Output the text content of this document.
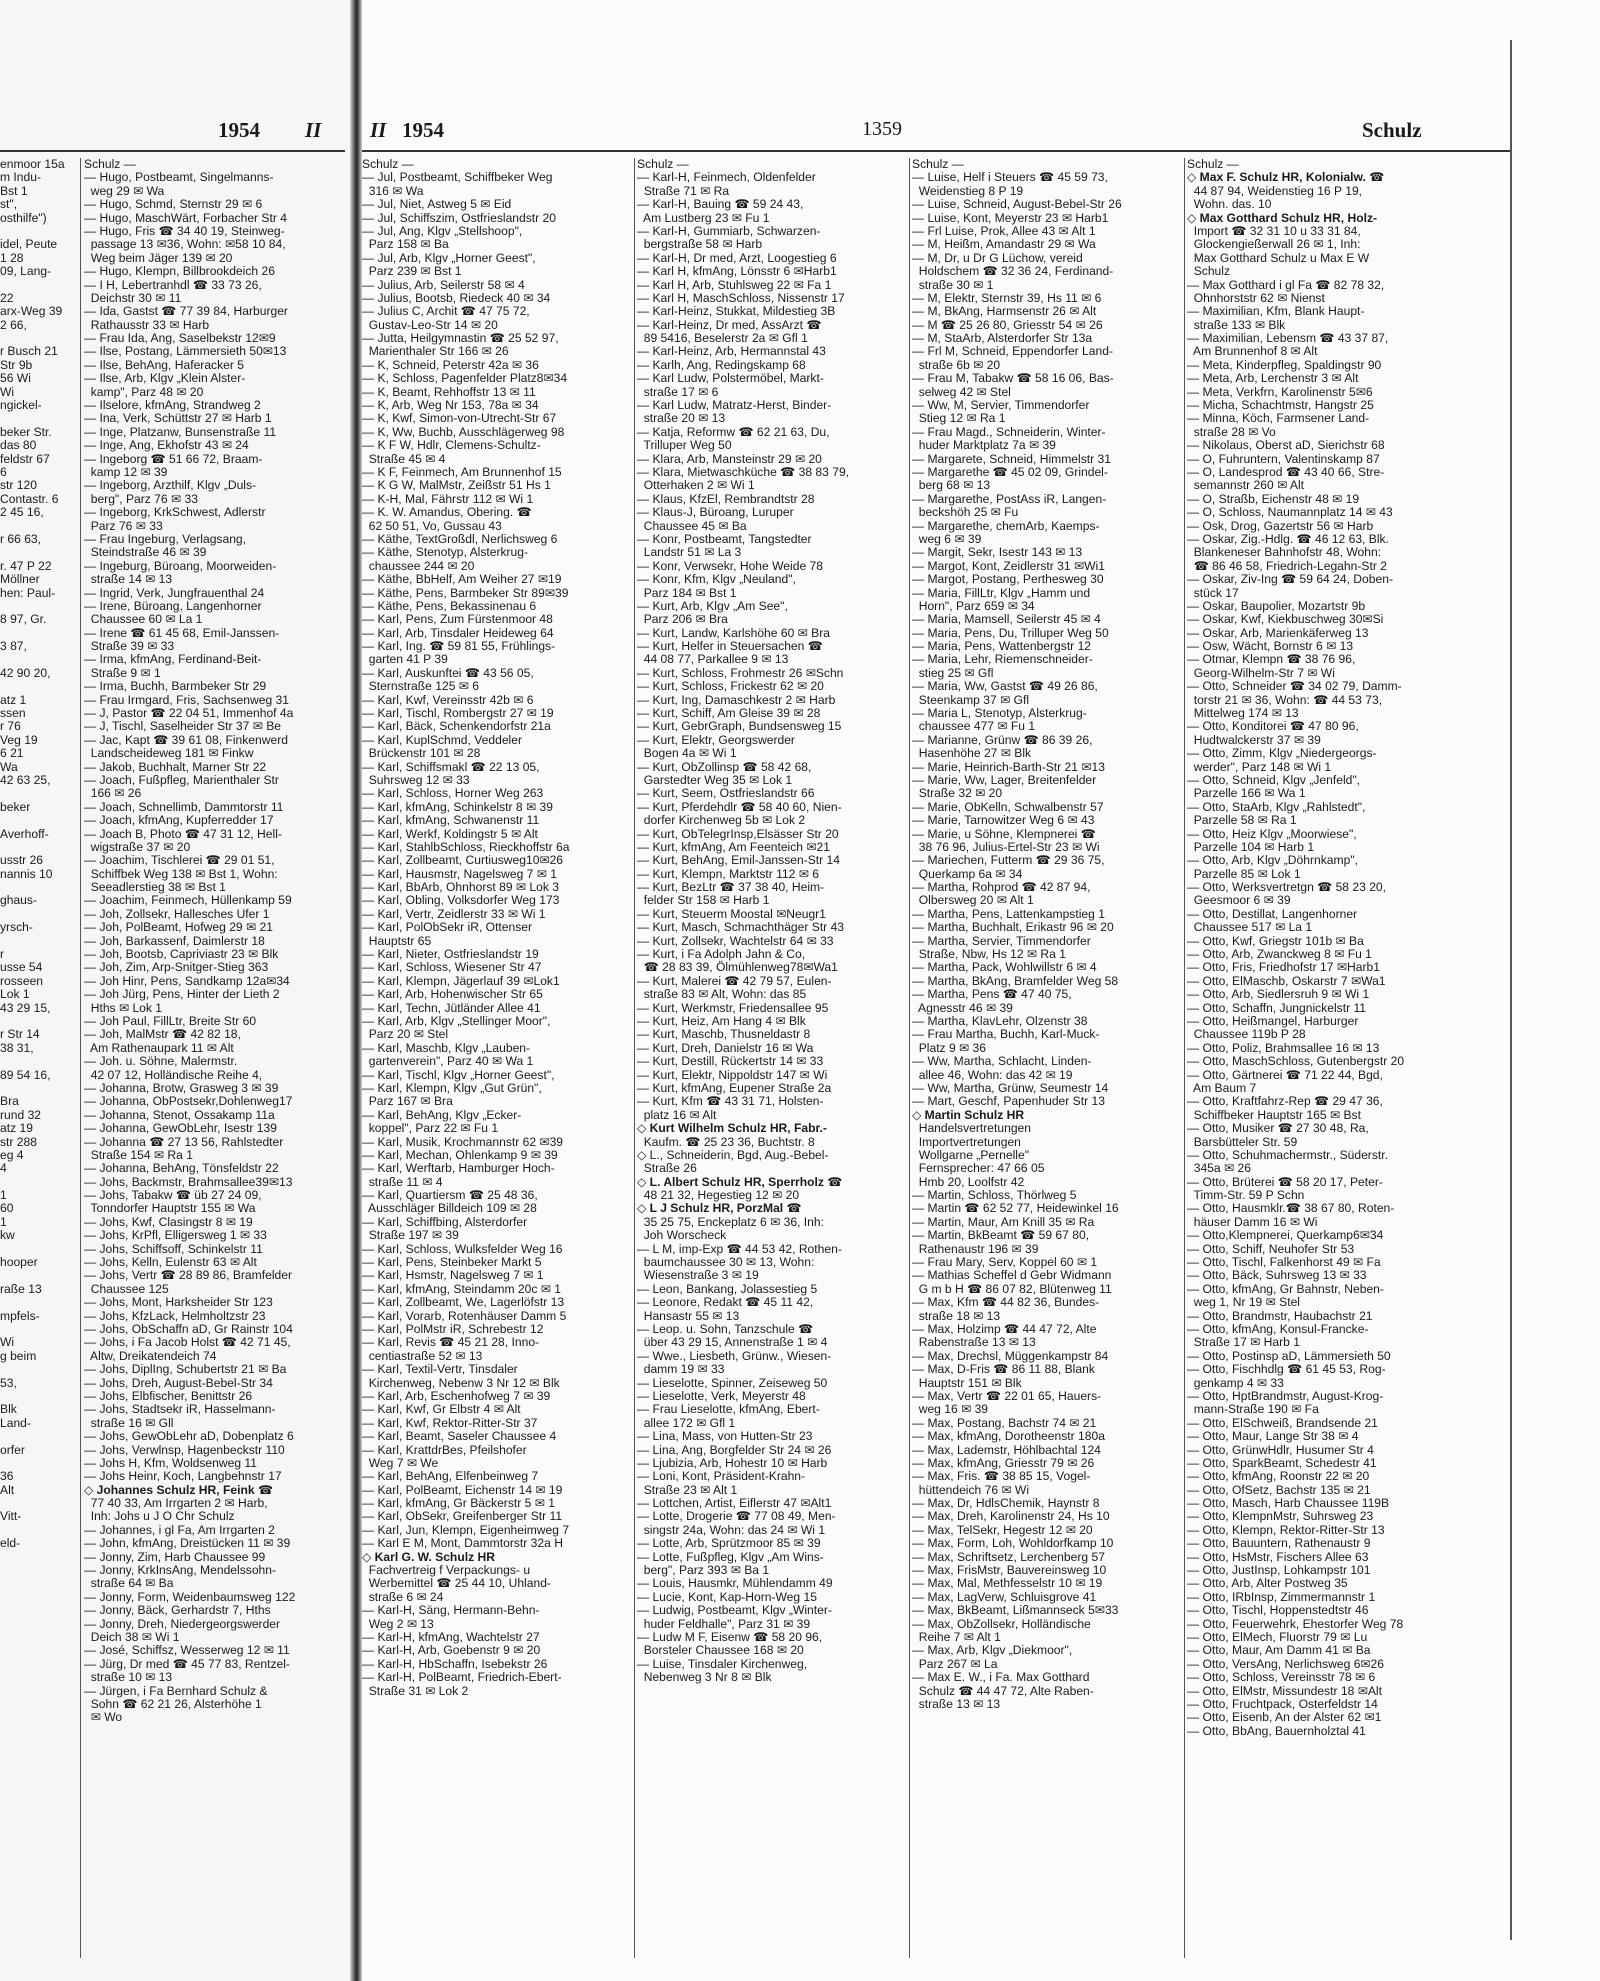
1954 II
enmoor 15a
m Indu-
Bst 1
st",
osthilfe")
idel, Peute
1 28
09, Lang-
22
arx-Weg 39
2 66,
r Busch 21
Str 9b
56 Wi
Wi
ngickel-
beker Str.
das 80
feldstr 67
6
str 120
Contastr. 6
2 45 16,
r 66 63,
r. 47 P 22
Möllner
hen: Paul-
8 97, Gr.
3 87,
42 90 20,
atz 1
ssen
r 76
Veg 19
6 21
Wa
42 63 25,
beker
Averhoff-
usstr 26
nannis 10
ghaus-
yrsch-
r
usse 54
rosseen
Lok 1
43 29 15,
r Str 14
38 31,
89 54 16,
Bra
rund 32
atz 19
str 288
eg 4
4
1
60
1
kw
hooper
raße 13
mpfels-
Wi
g beim
53,
Blk
Land-
orfer
36
Alt
Vitt-
eld-
Schulz —
— Hugo, Postbeamt, Singelmanns-
weg 29 ✉ Wa
— Hugo, Schmd, Sternstr 29 ✉ 6
— Hugo, MaschWärt, Forbacher Str 4
— Hugo, Fris ☎ 34 40 19, Steinweg-
passage 13 ✉36, Wohn: ✉58 10 84,
Weg beim Jäger 139 ✉ 20
— Hugo, Klempn, Billbrookdeich 26
— I H, Lebertranhdl ☎ 33 73 26,
Deichstr 30 ✉ 11
— Ida, Gastst ☎ 77 39 84, Harburger
Rathausstr 33 ✉ Harb
— Frau Ida, Ang, Saselbekstr 12✉9
— Ilse, Postang, Lämmersieth 50✉13
— Ilse, BehAng, Haferacker 5
— Ilse, Arb, Klgv „Klein Alster-
kamp", Parz 48 ✉ 20
— Ilselore, kfmAng, Strandweg 2
— Ina, Verk, Schüttstr 27 ✉ Harb 1
— Inge, Platzanw, Bunsenstraße 11
— Inge, Ang, Ekhofstr 43 ✉ 24
— Ingeborg ☎ 51 66 72, Braam-
kamp 12 ✉ 39
— Ingeborg, Arzthilf, Klgv „Duls-
berg", Parz 76 ✉ 33
— Ingeborg, KrkSchwest, Adlerstr
Parz 76 ✉ 33
— Frau Ingeburg, Verlagsang,
Steindstraße 46 ✉ 39
— Ingeburg, Büroang, Moorweiden-
straße 14 ✉ 13
— Ingrid, Verk, Jungfrauenthal 24
— Irene, Büroang, Langenhorner
Chaussee 60 ✉ La 1
— Irene ☎ 61 45 68, Emil-Janssen-
Straße 39 ✉ 33
— Irma, kfmAng, Ferdinand-Beit-
Straße 9 ✉ 1
— Irma, Buchh, Barmbeker Str 29
— Frau Irmgard, Fris, Sachsenweg 31
— J, Pastor ☎ 22 04 51, Immenhof 4a
— J, Tischl, Saselheider Str 37 ✉ Be
— Jac, Kapt ☎ 39 61 08, Finkenwerd
Landscheideweg 181 ✉ Finkw
— Jakob, Buchhalt, Marner Str 22
— Joach, Fußpfleg, Marienthaler Str
166 ✉ 26
— Joach, Schnellimb, Dammtorstr 11
— Joach, kfmAng, Kupferredder 17
— Joach B, Photo ☎ 47 31 12, Hell-
wigstraße 37 ✉ 20
— Joachim, Tischlerei ☎ 29 01 51,
Schiffbek Weg 138 ✉ Bst 1, Wohn:
Seeadlerstieg 38 ✉ Bst 1
— Joachim, Feinmech, Hüllenkamp 59
— Joh, Zollsekr, Hallesches Ufer 1
— Joh, PolBeamt, Hofweg 29 ✉ 21
— Joh, Barkassenf, Daimlerstr 18
— Joh, Bootsb, Capriviastr 23 ✉ Blk
— Joh, Zim, Arp-Snitger-Stieg 363
— Joh Hinr, Pens, Sandkamp 12a✉34
— Joh Jürg, Pens, Hinter der Lieth 2
Hths ✉ Lok 1
— Joh Paul, FillLtr, Breite Str 60
— Joh, MalMstr ☎ 42 82 18,
Am Rathenaupark 11 ✉ Alt
— Joh. u. Söhne, Malermstr.
42 07 12, Holländische Reihe 4,
— Johanna, Brotw, Grasweg 3 ✉ 39
— Johanna, ObPostsekr,Dohlenweg17
— Johanna, Stenot, Ossakamp 11a
— Johanna, GewObLehr, Isestr 139
— Johanna ☎ 27 13 56, Rahlstedter
Straße 154 ✉ Ra 1
— Johanna, BehAng, Tönsfeldstr 22
— Johs, Backmstr, Brahmsallee39✉13
— Johs, Tabakw ☎ üb 27 24 09,
Tonndorfer Hauptstr 155 ✉ Wa
— Johs, Kwf, Clasingstr 8 ✉ 19
— Johs, KrPfl, Elligersweg 1 ✉ 33
— Johs, Schiffsoff, Schinkelstr 11
— Johs, Kelln, Eulenstr 63 ✉ Alt
— Johs, Vertr ☎ 28 89 86, Bramfelder
Chaussee 125
— Johs, Mont, Harksheider Str 123
— Johs, KfzLack, Helmholtzstr 23
— Johs, ObSchaffn aD, Gr Rainstr 104
— Johs, i Fa Jacob Holst ☎ 42 71 45,
Altw, Dreikatendeich 74
— Johs, DiplIng, Schubertstr 21 ✉ Ba
— Johs, Dreh, August-Bebel-Str 34
— Johs, Elbfischer, Benittstr 26
— Johs, Stadtsekr iR, Hasselmann-
straße 16 ✉ Gll
— Johs, GewObLehr aD, Dobenplatz 6
— Johs, Verwlnsp, Hagenbeckstr 110
— Johs H, Kfm, Woldsenweg 11
— Johs Heinr, Koch, Langbehnstr 17
◇ Johannes Schulz HR, Feink ☎
77 40 33, Am Irrgarten 2 ✉ Harb,
Inh: Johs u J O Chr Schulz
— Johannes, i gl Fa, Am Irrgarten 2
— John, kfmAng, Dreistücken 11 ✉ 39
— Jonny, Zim, Harb Chaussee 99
— Jonny, KrkInsAng, Mendelssohn-
straße 64 ✉ Ba
— Jonny, Form, Weidenbaumsweg 122
— Jonny, Bäck, Gerhardstr 7, Hths
— Jonny, Dreh, Niedergeorgswerder
Deich 38 ✉ Wi 1
— José, Schiffsz, Wesserweg 12 ✉ 11
— Jürg, Dr med ☎ 45 77 83, Rentzel-
straße 10 ✉ 13
— Jürgen, i Fa Bernhard Schulz &
Sohn ☎ 62 21 26, Alsterhöhe 1
✉ Wo
II 1954	1359	Schulz
Schulz —
— Jul, Postbeamt, Schiffbeker Weg
316 ✉ Wa
— Jul, Niet, Astweg 5 ✉ Eid
— Jul, Schiffszim, Ostfrieslandstr 20
— Jul, Ang, Klgv „Stellshoop",
Parz 158 ✉ Ba
— Jul, Arb, Klgv „Horner Geest",
Parz 239 ✉ Bst 1
— Julius, Arb, Seilerstr 58 ✉ 4
— Julius, Bootsb, Riedeck 40 ✉ 34
— Julius C, Archit ☎ 47 75 72,
Gustav-Leo-Str 14 ✉ 20
— Jutta, Heilgymnastin ☎ 25 52 97,
Marienthaler Str 166 ✉ 26
— K, Schneid, Peterstr 42a ✉ 36
— K, Schloss, Pagenfelder Platz8✉34
— K, Beamt, Rehhoffstr 13 ✉ 11
— K, Arb, Weg Nr 153, 78a ✉ 34
— K, Kwf, Simon-von-Utrecht-Str 67
— K, Ww, Buchb, Ausschlägerweg 98
— K F W, Hdlr, Clemens-Schultz-
Straße 45 ✉ 4
— K F, Feinmech, Am Brunnenhof 15
— K G W, MalMstr, Zeißstr 51 Hs 1
— K-H, Mal, Fährstr 112 ✉ Wi 1
— K. W. Amandus, Obering. ☎
62 50 51, Vo, Gussau 43
— Käthe, TextGroßdl, Nerlichsweg 6
— Käthe, Stenotyp, Alsterkrug-
chaussee 244 ✉ 20
— Käthe, BbHelf, Am Weiher 27 ✉19
— Käthe, Pens, Barmbeker Str 89✉39
— Käthe, Pens, Bekassinenau 6
— Karl, Pens, Zum Fürstenmoor 48
— Karl, Arb, Tinsdaler Heideweg 64
— Karl, Ing. ☎ 59 81 55, Frühlings-
garten 41 P 39
— Karl, Auskunftei ☎ 43 56 05,
Sternstraße 125 ✉ 6
— Karl, Kwf, Vereinsstr 42b ✉ 6
— Karl, Tischl, Rombergstr 27 ✉ 19
— Karl, Bäck, Schenkendorfstr 21a
— Karl, KuplSchmd, Veddeler
Brückenstr 101 ✉ 28
— Karl, Schiffsmakl ☎ 22 13 05,
Suhrsweg 12 ✉ 33
— Karl, Schloss, Horner Weg 263
— Karl, kfmAng, Schinkelstr 8 ✉ 39
— Karl, kfmAng, Schwanenstr 11
— Karl, Werkf, Koldingstr 5 ✉ Alt
— Karl, StahlbSchloss, Rieckhoffstr 6a
— Karl, Zollbeamt, Curtiusweg10✉26
— Karl, Hausmstr, Nagelsweg 7 ✉ 1
— Karl, BbArb, Ohnhorst 89 ✉ Lok 3
— Karl, Obling, Volksdorfer Weg 173
— Karl, Vertr, Zeidlerstr 33 ✉ Wi 1
— Karl, PolObSekr iR, Ottenser
Hauptstr 65
— Karl, Nieter, Ostfrieslandstr 19
— Karl, Schloss, Wiesener Str 47
— Karl, Klempn, Jägerlauf 39 ✉Lok1
— Karl, Arb, Hohenwischer Str 65
— Karl, Techn, Jütländer Allee 41
— Karl, Arb, Klgv „Stellinger Moor",
Parz 20 ✉ Stel
— Karl, Maschb, Klgv „Lauben-
gartenverein", Parz 40 ✉ Wa 1
— Karl, Tischl, Klgv „Horner Geest",
— Karl, Klempn, Klgv „Gut Grün",
Parz 167 ✉ Bra
— Karl, BehAng, Klgv „Ecker-
koppel", Parz 22 ✉ Fu 1
— Karl, Musik, Krochmannstr 62 ✉39
— Karl, Mechan, Ohlenkamp 9 ✉ 39
— Karl, Werftarb, Hamburger Hoch-
straße 11 ✉ 4
— Karl, Quartiersm ☎ 25 48 36,
Ausschläger Billdeich 109 ✉ 28
— Karl, Schiffbing, Alsterdorfer
Straße 197 ✉ 39
— Karl, Schloss, Wulksfelder Weg 16
— Karl, Pens, Steinbeker Markt 5
— Karl, Hsmstr, Nagelsweg 7 ✉ 1
— Karl, kfmAng, Steindamm 20c ✉ 1
— Karl, Zollbeamt, We, Lagerlöfstr 13
— Karl, Vorarb, Rotenhäuser Damm 5
— Karl, PolMstr iR, Schrebestr 12
— Karl, Revis ☎ 45 21 28, Inno-
centiastraße 52 ✉ 13
— Karl, Textil-Vertr, Tinsdaler
Kirchenweg, Nebenw 3 Nr 12 ✉ Blk
— Karl, Arb, Eschenhofweg 7 ✉ 39
— Karl, Kwf, Gr Elbstr 4 ✉ Alt
— Karl, Kwf, Rektor-Ritter-Str 37
— Karl, Beamt, Saseler Chaussee 4
— Karl, KrattdrBes, Pfeilshofer
Weg 7 ✉ We
— Karl, BehAng, Elfenbeinweg 7
— Karl, PolBeamt, Eichenstr 14 ✉ 19
— Karl, kfmAng, Gr Bäckerstr 5 ✉ 1
— Karl, ObSekr, Greifenberger Str 11
— Karl, Jun, Klempn, Eigenheimweg 7
— Karl E M, Mont, Dammtorstr 32a H
◇ Karl G. W. Schulz HR
Fachvertreig f Verpackungs- u
Werbemittel ☎ 25 44 10, Uhland-
straße 6 ✉ 24
— Karl-H, Säng, Hermann-Behn-
Weg 2 ✉ 13
— Karl-H, kfmAng, Wachtelstr 27
— Karl-H, Arb, Goebenstr 9 ✉ 20
— Karl-H, HbSchaffn, Isebekstr 26
— Karl-H, PolBeamt, Friedrich-Ebert-
Straße 31 ✉ Lok 2
Schulz —
— Karl-H, Feinmech, Oldenfelder
Straße 71 ✉ Ra
— Karl-H, Bauing ☎ 59 24 43,
Am Lustberg 23 ✉ Fu 1
— Karl-H, Gummiarb, Schwarzen-
bergstraße 58 ✉ Harb
— Karl-H, Dr med, Arzt, Loogestieg 6
— Karl H, kfmAng, Lönsstr 6 ✉Harb1
— Karl H, Arb, Stuhlsweg 22 ✉ Fa 1
— Karl H, MaschSchloss, Nissenstr 17
— Karl-Heinz, Stukkat, Mildestieg 3B
— Karl-Heinz, Dr med, AssArzt ☎
89 5416, Beselerstr 2a ✉ Gfl 1
— Karl-Heinz, Arb, Hermannstal 43
— Karlh, Ang, Redingskamp 68
— Karl Ludw, Polstermöbel, Markt-
straße 17 ✉ 6
— Karl Ludw, Matratz-Herst, Binder-
straße 20 ✉ 13
— Katja, Reformw ☎ 62 21 63, Du,
Trilluper Weg 50
— Klara, Arb, Mansteinstr 29 ✉ 20
— Klara, Mietwaschküche ☎ 38 83 79,
Otterhaken 2 ✉ Wi 1
— Klaus, KfzEl, Rembrandtstr 28
— Klaus-J, Büroang, Luruper
Chaussee 45 ✉ Ba
— Konr, Postbeamt, Tangstedter
Landstr 51 ✉ La 3
— Konr, Verwsekr, Hohe Weide 78
— Konr, Kfm, Klgv „Neuland",
Parz 184 ✉ Bst 1
— Kurt, Arb, Klgv „Am See",
Parz 206 ✉ Bra
— Kurt, Landw, Karlshöhe 60 ✉ Bra
— Kurt, Helfer in Steuersachen ☎
44 08 77, Parkallee 9 ✉ 13
— Kurt, Schloss, Frohmestr 26 ✉Schn
— Kurt, Schloss, Frickestr 62 ✉ 20
— Kurt, Ing, Damaschkestr 2 ✉ Harb
— Kurt, Schiff, Am Gleise 39 ✉ 28
— Kurt, GebrGraph, Bundsensweg 15
— Kurt, Elektr, Georgswerder
Bogen 4a ✉ Wi 1
— Kurt, ObZollinsp ☎ 58 42 68,
Garstedter Weg 35 ✉ Lok 1
— Kurt, Seem, Ostfrieslandstr 66
— Kurt, Pferdehdlr ☎ 58 40 60, Nien-
dorfer Kirchenweg 5b ✉ Lok 2
— Kurt, ObTelegrInsp,Elsässer Str 20
— Kurt, kfmAng, Am Feenteich ✉21
— Kurt, BehAng, Emil-Janssen-Str 14
— Kurt, Klempn, Marktstr 112 ✉ 6
— Kurt, BezLtr ☎ 37 38 40, Heim-
felder Str 158 ✉ Harb 1
— Kurt, Steuerm Moostal ✉Neugr1
— Kurt, Masch, Schmachthäger Str 43
— Kurt, Zollsekr, Wachtelstr 64 ✉ 33
— Kurt, i Fa Adolph Jahn & Co,
☎ 28 83 39, Ölmühlenweg78✉Wa1
— Kurt, Malerei ☎ 42 79 57, Eulen-
straße 83 ✉ Alt, Wohn: das 85
— Kurt, Werkmstr, Friedensallee 95
— Kurt, Heiz, Am Hang 4 ✉ Blk
— Kurt, Maschb, Thusneldastr 8
— Kurt, Dreh, Danielstr 16 ✉ Wa
— Kurt, Destill, Rückertstr 14 ✉ 33
— Kurt, Elektr, Nippoldstr 147 ✉ Wi
— Kurt, kfmAng, Eupener Straße 2a
— Kurt, Kfm ☎ 43 31 71, Holsten-
platz 16 ✉ Alt
◇ Kurt Wilhelm Schulz HR, Fabr.-
Kaufm. ☎ 25 23 36, Buchtstr. 8
◇ L., Schneiderin, Bgd, Aug.-Bebel-
Straße 26
◇ L. Albert Schulz HR, Sperrholz ☎
48 21 32, Hegestieg 12 ✉ 20
◇ L J Schulz HR, PorzMal ☎
35 25 75, Enckeplatz 6 ✉ 36, Inh:
Joh Worscheck
— L M, imp-Exp ☎ 44 53 42, Rothen-
baumchaussee 30 ✉ 13, Wohn:
Wiesenstraße 3 ✉ 19
— Leon, Bankang, Jolassestieg 5
— Leonore, Redakt ☎ 45 11 42,
Hansastr 55 ✉ 13
— Leop. u. Sohn, Tanzschule ☎
über 43 29 15, Annenstraße 1 ✉ 4
— Wwe., Liesbeth, Grünw., Wiesen-
damm 19 ✉ 33
— Lieselotte, Spinner, Zeiseweg 50
— Lieselotte, Verk, Meyerstr 48
— Frau Lieselotte, kfmAng, Ebert-
allee 172 ✉ Gfl 1
— Lina, Mass, von Hutten-Str 23
— Lina, Ang, Borgfelder Str 24 ✉ 26
— Ljubizia, Arb, Hohestr 10 ✉ Harb
— Loni, Kont, Präsident-Krahn-
Straße 23 ✉ Alt 1
— Lottchen, Artist, Eiflerstr 47 ✉Alt1
— Lotte, Drogerie ☎ 77 08 49, Men-
singstr 24a, Wohn: das 24 ✉ Wi 1
— Lotte, Arb, Sprützmoor 85 ✉ 39
— Lotte, Fußpfleg, Klgv „Am Wins-
berg", Parz 393 ✉ Ba 1
— Louis, Hausmkr, Mühlendamm 49
— Lucie, Kont, Kap-Horn-Weg 15
— Ludwig, Postbeamt, Klgv „Winter-
huder Feldhalle", Parz 31 ✉ 39
— Ludw M F, Eisenw ☎ 58 20 96,
Borsteler Chaussee 168 ✉ 20
— Luise, Tinsdaler Kirchenweg,
Nebenweg 3 Nr 8 ✉ Blk
Schulz —
— Luise, Helf i Steuers ☎ 45 59 73,
Weidenstieg 8 P 19
— Luise, Schneid, August-Bebel-Str 26
— Luise, Kont, Meyerstr 23 ✉ Harb1
— Frl Luise, Prok, Allee 43 ✉ Alt 1
— M, Heißm, Amandastr 29 ✉ Wa
— M, Dr, u Dr G Lüchow, vereid
Holdschem ☎ 32 36 24, Ferdinand-
straße 30 ✉ 1
— M, Elektr, Sternstr 39, Hs 11 ✉ 6
— M, BkAng, Harmsenstr 26 ✉ Alt
— M ☎ 25 26 80, Griesstr 54 ✉ 26
— M, StaArb, Alsterdorfer Str 13a
— Frl M, Schneid, Eppendorfer Land-
straße 6b ✉ 20
— Frau M, Tabakw ☎ 58 16 06, Bas-
selweg 42 ✉ Stel
— Ww, M, Servier, Timmendorfer
Stieg 12 ✉ Ra 1
— Frau Magd., Schneiderin, Winter-
huder Marktplatz 7a ✉ 39
— Margarete, Schneid, Himmelstr 31
— Margarethe ☎ 45 02 09, Grindel-
berg 68 ✉ 13
— Margarethe, PostAss iR, Langen-
beckshöh 25 ✉ Fu
— Margarethe, chemArb, Kaemps-
weg 6 ✉ 39
— Margit, Sekr, Isestr 143 ✉ 13
— Margot, Kont, Zeidlerstr 31 ✉Wi1
— Margot, Postang, Perthesweg 30
— Maria, FillLtr, Klgv „Hamm und
Horn", Parz 659 ✉ 34
— Maria, Mamsell, Seilerstr 45 ✉ 4
— Maria, Pens, Du, Trilluper Weg 50
— Maria, Pens, Wattenbergstr 12
— Maria, Lehr, Riemenschneider-
stieg 25 ✉ Gfl
— Maria, Ww, Gastst ☎ 49 26 86,
Steenkamp 37 ✉ Gfl
— Maria L, Stenotyp, Alsterkrug-
chaussee 477 ✉ Fu 1
— Marianne, Grünw ☎ 86 39 26,
Hasenhöhe 27 ✉ Blk
— Marie, Heinrich-Barth-Str 21 ✉13
— Marie, Ww, Lager, Breitenfelder
Straße 32 ✉ 20
— Marie, ObKelln, Schwalbenstr 57
— Marie, Tarnowitzer Weg 6 ✉ 43
— Marie, u Söhne, Klempnerei ☎
38 76 96, Julius-Ertel-Str 23 ✉ Wi
— Mariechen, Futterm ☎ 29 36 75,
Querkamp 6a ✉ 34
— Martha, Rohprod ☎ 42 87 94,
Olbersweg 20 ✉ Alt 1
— Martha, Pens, Lattenkampstieg 1
— Martha, Buchhalt, Erikastr 96 ✉ 20
— Martha, Servier, Timmendorfer
Straße, Nbw, Hs 12 ✉ Ra 1
— Martha, Pack, Wohlwillstr 6 ✉ 4
— Martha, BkAng, Bramfelder Weg 58
— Martha, Pens ☎ 47 40 75,
Agnesstr 46 ✉ 39
— Martha, KlavLehr, Olzenstr 38
— Frau Martha, Buchh, Karl-Muck-
Platz 9 ✉ 36
— Ww, Martha, Schlacht, Linden-
allee 46, Wohn: das 42 ✉ 19
— Ww, Martha, Grünw, Seumestr 14
— Mart, Geschf, Papenhuder Str 13
◇ Martin Schulz HR
Handelsvertretungen
Importvertretungen
Wollgarne „Pernelle"
Fernsprecher: 47 66 05
Hmb 20, Loolfstr 42
— Martin, Schloss, Thörlweg 5
— Martin ☎ 62 52 77, Heidewinkel 16
— Martin, Maur, Am Knill 35 ✉ Ra
— Martin, BkBeamt ☎ 59 67 80,
Rathenaustr 196 ✉ 39
— Frau Mary, Serv, Koppel 60 ✉ 1
— Mathias Scheffel d Gebr Widmann
G m b H ☎ 86 07 82, Blütenweg 11
— Max, Kfm ☎ 44 82 36, Bundes-
straße 18 ✉ 13
— Max, Holzimp ☎ 44 47 72, Alte
Rabenstraße 13 ✉ 13
— Max, Drechsl, Müggenkampstr 84
— Max, D-Fris ☎ 86 11 88, Blank
Hauptstr 151 ✉ Blk
— Max, Vertr ☎ 22 01 65, Hauers-
weg 16 ✉ 39
— Max, Postang, Bachstr 74 ✉ 21
— Max, kfmAng, Dorotheenstr 180a
— Max, Lademstr, Höhlbachtal 124
— Max, kfmAng, Griesstr 79 ✉ 26
— Max, Fris. ☎ 38 85 15, Vogel-
hüttendeich 76 ✉ Wi
— Max, Dr, HdlsChemik, Haynstr 8
— Max, Dreh, Karolinenstr 24, Hs 10
— Max, TelSekr, Hegestr 12 ✉ 20
— Max, Form, Loh, Wohldorfkamp 10
— Max, Schriftsetz, Lerchenberg 57
— Max, FrisMstr, Bauvereinsweg 10
— Max, Mal, Methfesselstr 10 ✉ 19
— Max, LagVerw, Schluisgrove 41
— Max, BkBeamt, Lißmannseck 5✉33
— Max, ObZollsekr, Holländische
Reihe 7 ✉ Alt 1
— Max, Arb, Klgv „Diekmoor",
Parz 267 ✉ La
— Max E. W., i Fa. Max Gotthard
Schulz ☎ 44 47 72, Alte Raben-
straße 13 ✉ 13
Schulz —
◇ Max F. Schulz HR, Kolonialw. ☎
44 87 94, Weidenstieg 16 P 19,
Wohn. das. 10
◇ Max Gotthard Schulz HR, Holz-
Import ☎ 32 31 10 u 33 31 84,
Glockengießerwall 26 ✉ 1, Inh:
Max Gotthard Schulz u Max E W
Schulz
— Max Gotthard i gl Fa ☎ 82 78 32,
Ohnhorststr 62 ✉ Nienst
— Maximilian, Kfm, Blank Haupt-
straße 133 ✉ Blk
— Maximilian, Lebensm ☎ 43 37 87,
Am Brunnenhof 8 ✉ Alt
— Meta, Kinderpfleg, Spaldingstr 90
— Meta, Arb, Lerchenstr 3 ✉ Alt
— Meta, Verkfrn, Karolinenstr 5✉6
— Micha, Schachtmstr, Hangstr 25
— Minna, Köch, Farmsener Land-
straße 28 ✉ Vo
— Nikolaus, Oberst aD, Sierichstr 68
— O, Fuhruntern, Valentinskamp 87
— O, Landesprod ☎ 43 40 66, Stre-
semannstr 260 ✉ Alt
— O, Straßb, Eichenstr 48 ✉ 19
— O, Schloss, Naumannplatz 14 ✉ 43
— Osk, Drog, Gazertstr 56 ✉ Harb
— Oskar, Zig.-Hdlg. ☎ 46 12 63, Blk.
Blankeneser Bahnhofstr 48, Wohn:
☎ 86 46 58, Friedrich-Legahn-Str 2
— Oskar, Ziv-Ing ☎ 59 64 24, Doben-
stück 17
— Oskar, Baupolier, Mozartstr 9b
— Oskar, Kwf, Kiekbuschweg 30✉Si
— Oskar, Arb, Marienkäferweg 13
— Osw, Wächt, Bornstr 6 ✉ 13
— Otmar, Klempn ☎ 38 76 96,
Georg-Wilhelm-Str 7 ✉ Wi
— Otto, Schneider ☎ 34 02 79, Damm-
torstr 21 ✉ 36, Wohn: ☎ 44 53 73,
Mittelweg 174 ✉ 13
— Otto, Konditorei ☎ 47 80 96,
Hudtwalckerstr 37 ✉ 39
— Otto, Zimm, Klgv „Niedergeorgs-
werder", Parz 148 ✉ Wi 1
— Otto, Schneid, Klgv „Jenfeld",
Parzelle 166 ✉ Wa 1
— Otto, StaArb, Klgv „Rahlstedt",
Parzelle 58 ✉ Ra 1
— Otto, Heiz Klgv „Moorwiese",
Parzelle 104 ✉ Harb 1
— Otto, Arb, Klgv „Döhrnkamp",
Parzelle 85 ✉ Lok 1
— Otto, Werksvertretgn ☎ 58 23 20,
Geesmoor 6 ✉ 39
— Otto, Destillat, Langenhorner
Chaussee 517 ✉ La 1
— Otto, Kwf, Griegstr 101b ✉ Ba
— Otto, Arb, Zwanckweg 8 ✉ Fu 1
— Otto, Fris, Friedhofstr 17 ✉Harb1
— Otto, ElMaschb, Oskarstr 7 ✉Wa1
— Otto, Arb, Siedlersruh 9 ✉ Wi 1
— Otto, Schaffn, Jungnickelstr 11
— Otto, Heißmangel, Harburger
Chaussee 119b P 28
— Otto, Poliz, Brahmsallee 16 ✉ 13
— Otto, MaschSchloss, Gutenbergstr 20
— Otto, Gärtnerei ☎ 71 22 44, Bgd,
Am Baum 7
— Otto, Kraftfahrz-Rep ☎ 29 47 36,
Schiffbeker Hauptstr 165 ✉ Bst
— Otto, Musiker ☎ 27 30 48, Ra,
Barsbütteler Str. 59
— Otto, Schuhmachermstr., Süderstr.
345a ✉ 26
— Otto, Brüterei ☎ 58 20 17, Peter-
Timm-Str. 59 P Schn
— Otto, Hausmklr.☎ 38 67 80, Roten-
häuser Damm 16 ✉ Wi
— Otto,Klempnerei, Querkamp6✉34
— Otto, Schiff, Neuhofer Str 53
— Otto, Tischl, Falkenhorst 49 ✉ Fa
— Otto, Bäck, Suhrsweg 13 ✉ 33
— Otto, kfmAng, Gr Bahnstr, Neben-
weg 1, Nr 19 ✉ Stel
— Otto, Brandmstr, Haubachstr 21
— Otto, kfmAng, Konsul-Francke-
Straße 17 ✉ Harb 1
— Otto, Postinsp aD, Lämmersieth 50
— Otto, Fischhdlg ☎ 61 45 53, Rog-
genkamp 4 ✉ 33
— Otto, HptBrandmstr, August-Krog-
mann-Straße 190 ✉ Fa
— Otto, ElSchweiß, Brandsende 21
— Otto, Maur, Lange Str 38 ✉ 4
— Otto, GrünwHdlr, Husumer Str 4
— Otto, SparkBeamt, Schedestr 41
— Otto, kfmAng, Roonstr 22 ✉ 20
— Otto, OfSetz, Bachstr 135 ✉ 21
— Otto, Masch, Harb Chaussee 119B
— Otto, KlempnMstr, Suhrsweg 23
— Otto, Klempn, Rektor-Ritter-Str 13
— Otto, Bauuntern, Rathenaustr 9
— Otto, HsMstr, Fischers Allee 63
— Otto, JustInsp, Lohkampstr 101
— Otto, Arb, Alter Postweg 35
— Otto, IRbInsp, Zimmermannstr 1
— Otto, Tischl, Hoppenstedtstr 46
— Otto, Feuerwehrk, Ehestorfer Weg 78
— Otto, ElMech, Fluorstr 79 ✉ Lu
— Otto, Maur, Am Damm 41 ✉ Ba
— Otto, VersAng, Nerlichsweg 6✉26
— Otto, Schloss, Vereinsstr 78 ✉ 6
— Otto, ElMstr, Missundestr 18 ✉Alt
— Otto, Fruchtpack, Osterfeldstr 14
— Otto, Eisenb, An der Alster 62 ✉1
— Otto, BbAng, Bauernholztal 41
